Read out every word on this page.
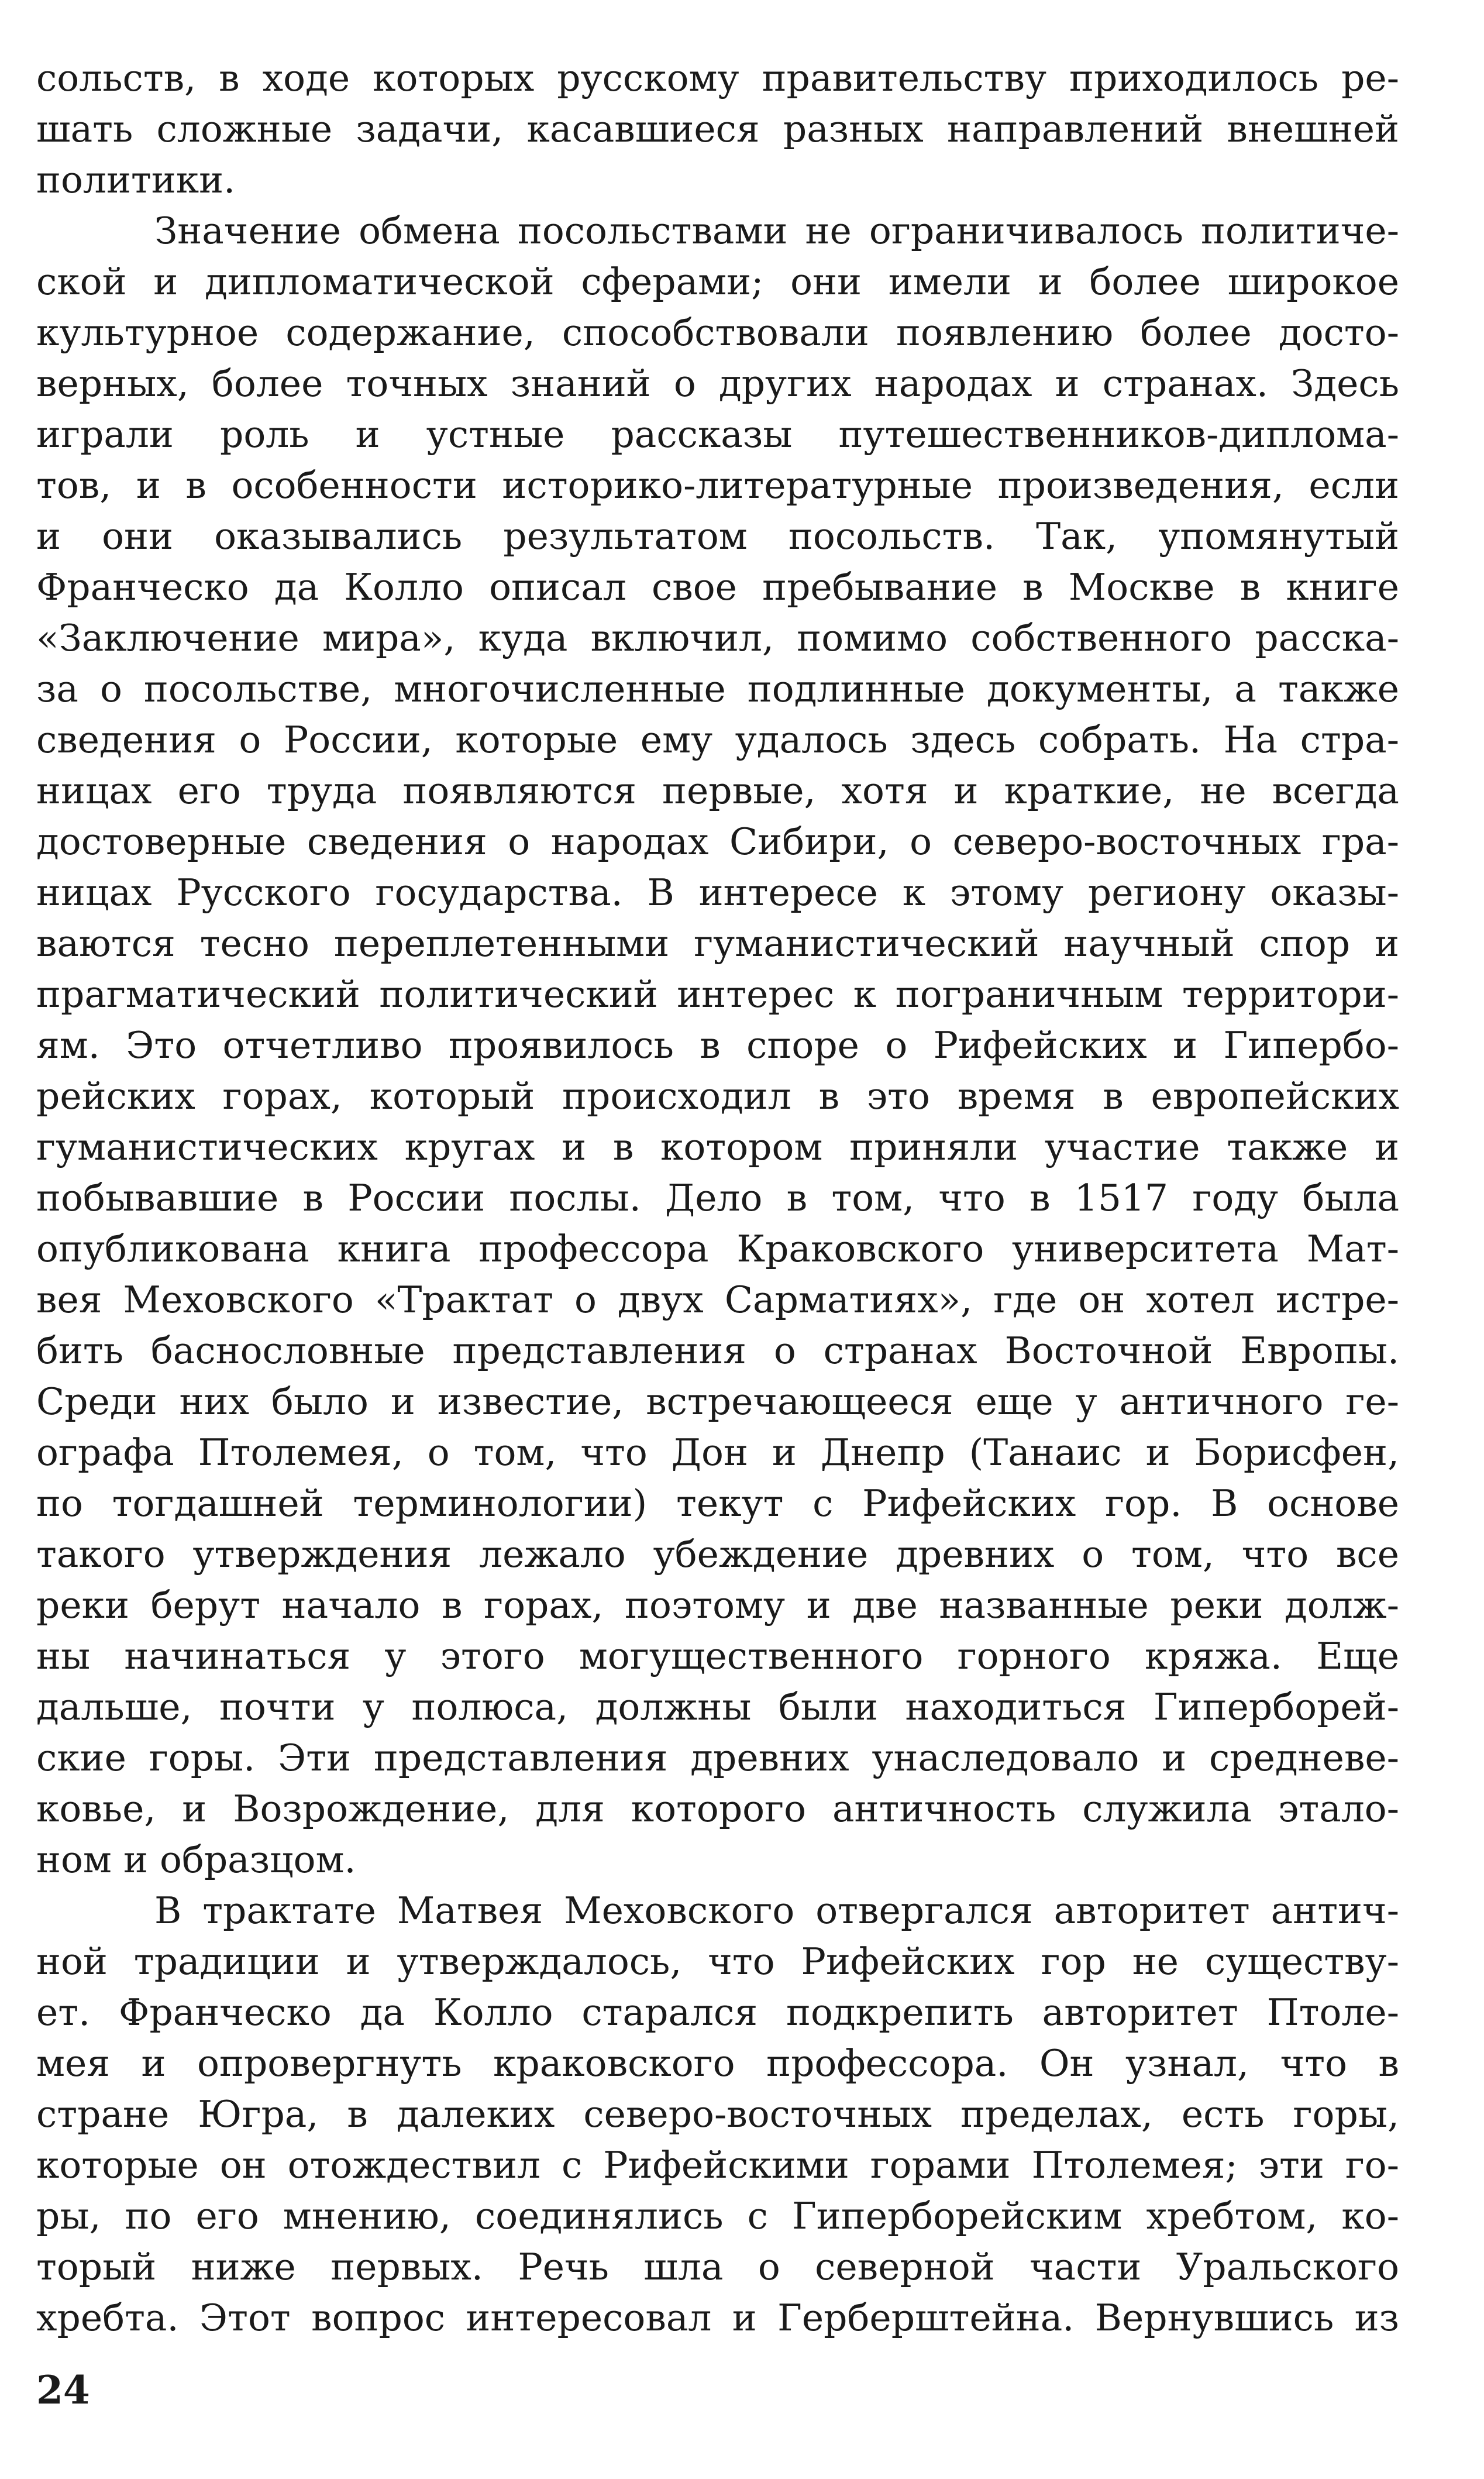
сольств, в ходе которых русскому правительству приходилось ре-
шать сложные задачи, касавшиеся разных направлений внешней
политики.
Значение обмена посольствами не ограничивалось политиче-
ской и дипломатической сферами; они имели и более широкое
культурное содержание, способствовали появлению более досто-
верных, более точных знаний о других народах и странах. Здесь
играли роль и устные рассказы путешественников-диплома-
тов, и в особенности историко-литературные произведения, если
и они оказывались результатом посольств. Так, упомянутый
Франческо да Колло описал свое пребывание в Москве в книге
«Заключение мира», куда включил, помимо собственного расска-
за о посольстве, многочисленные подлинные документы, а также
сведения о России, которые ему удалось здесь собрать. На стра-
ницах его труда появляются первые, хотя и краткие, не всегда
достоверные сведения о народах Сибири, о северо-восточных гра-
ницах Русского государства. В интересе к этому региону оказы-
ваются тесно переплетенными гуманистический научный спор и
прагматический политический интерес к пограничным территори-
ям. Это отчетливо проявилось в споре о Рифейских и Гипербо-
рейских горах, который происходил в это время в европейских
гуманистических кругах и в котором приняли участие также и
побывавшие в России послы. Дело в том, что в 1517 году была
опубликована книга профессора Краковского университета Мат-
вея Меховского «Трактат о двух Сарматиях», где он хотел истре-
бить баснословные представления о странах Восточной Европы.
Среди них было и известие, встречающееся еще у античного ге-
ографа Птолемея, о том, что Дон и Днепр (Танаис и Борисфен,
по тогдашней терминологии) текут с Рифейских гор. В основе
такого утверждения лежало убеждение древних о том, что все
реки берут начало в горах, поэтому и две названные реки долж-
ны начинаться у этого могущественного горного кряжа. Еще
дальше, почти у полюса, должны были находиться Гиперборей-
ские горы. Эти представления древних унаследовало и средневе-
ковье, и Возрождение, для которого античность служила этало-
ном и образцом.
В трактате Матвея Меховского отвергался авторитет антич-
ной традиции и утверждалось, что Рифейских гор не существу-
ет. Франческо да Колло старался подкрепить авторитет Птоле-
мея и опровергнуть краковского профессора. Он узнал, что в
стране Югра, в далеких северо-восточных пределах, есть горы,
которые он отождествил с Рифейскими горами Птолемея; эти го-
ры, по его мнению, соединялись с Гиперборейским хребтом, ко-
торый ниже первых. Речь шла о северной части Уральского
хребта. Этот вопрос интересовал и Герберштейна. Вернувшись из
24
